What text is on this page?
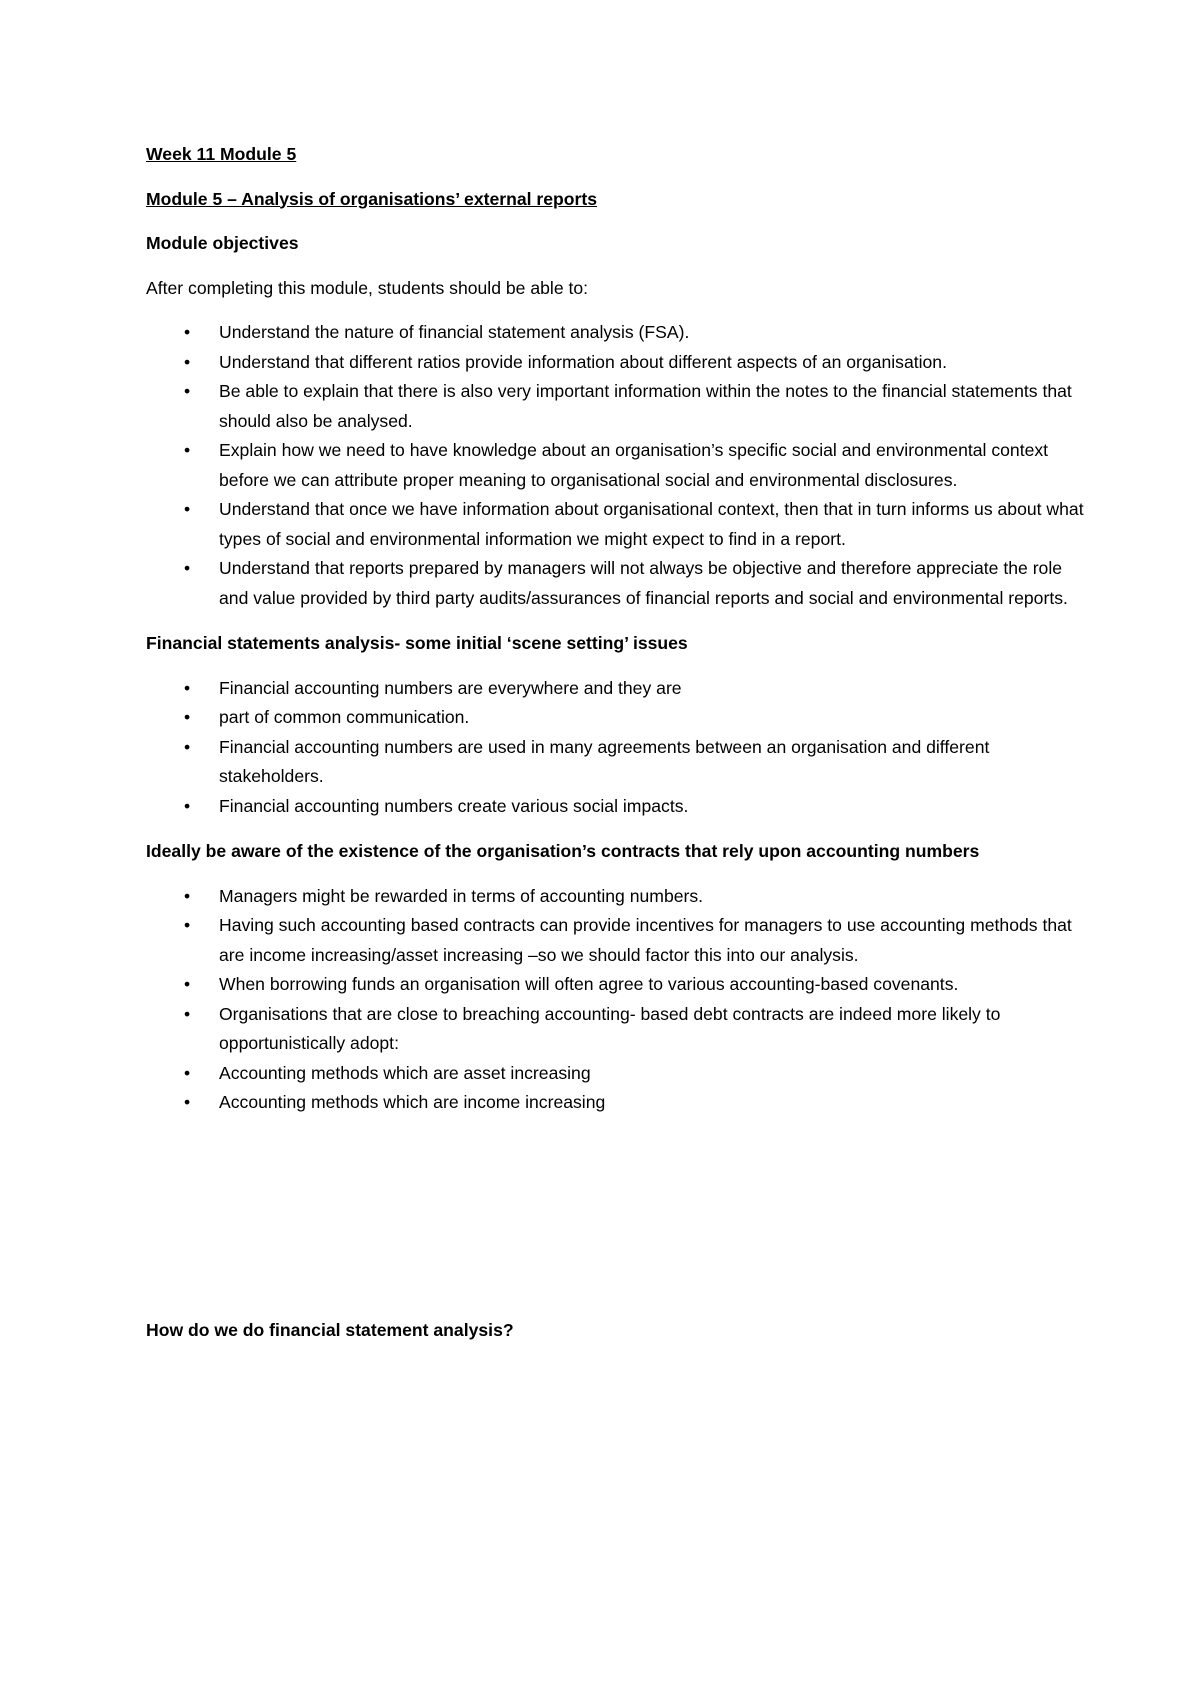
Week 11 Module 5

Module 5 – Analysis of organisations’ external reports

Module objectives

After completing this module, students should be able to:

• Understand the nature of financial statement analysis (FSA).
• Understand that different ratios provide information about different aspects of an organisation.
• Be able to explain that there is also very important information within the notes to the financial statements that should also be analysed.
• Explain how we need to have knowledge about an organisation’s specific social and environmental context before we can attribute proper meaning to organisational social and environmental disclosures.
• Understand that once we have information about organisational context, then that in turn informs us about what types of social and environmental information we might expect to find in a report.
• Understand that reports prepared by managers will not always be objective and therefore appreciate the role and value provided by third party audits/assurances of financial reports and social and environmental reports.

Financial statements analysis- some initial ‘scene setting’ issues

• Financial accounting numbers are everywhere and they are
• part of common communication.
• Financial accounting numbers are used in many agreements between an organisation and different stakeholders.
• Financial accounting numbers create various social impacts.

Ideally be aware of the existence of the organisation’s contracts that rely upon accounting numbers

• Managers might be rewarded in terms of accounting numbers.
• Having such accounting based contracts can provide incentives for managers to use accounting methods that are income increasing/asset increasing –so we should factor this into our analysis.
• When borrowing funds an organisation will often agree to various accounting-based covenants.
• Organisations that are close to breaching accounting- based debt contracts are indeed more likely to opportunistically adopt:
• Accounting methods which are asset increasing
• Accounting methods which are income increasing

How do we do financial statement analysis?
